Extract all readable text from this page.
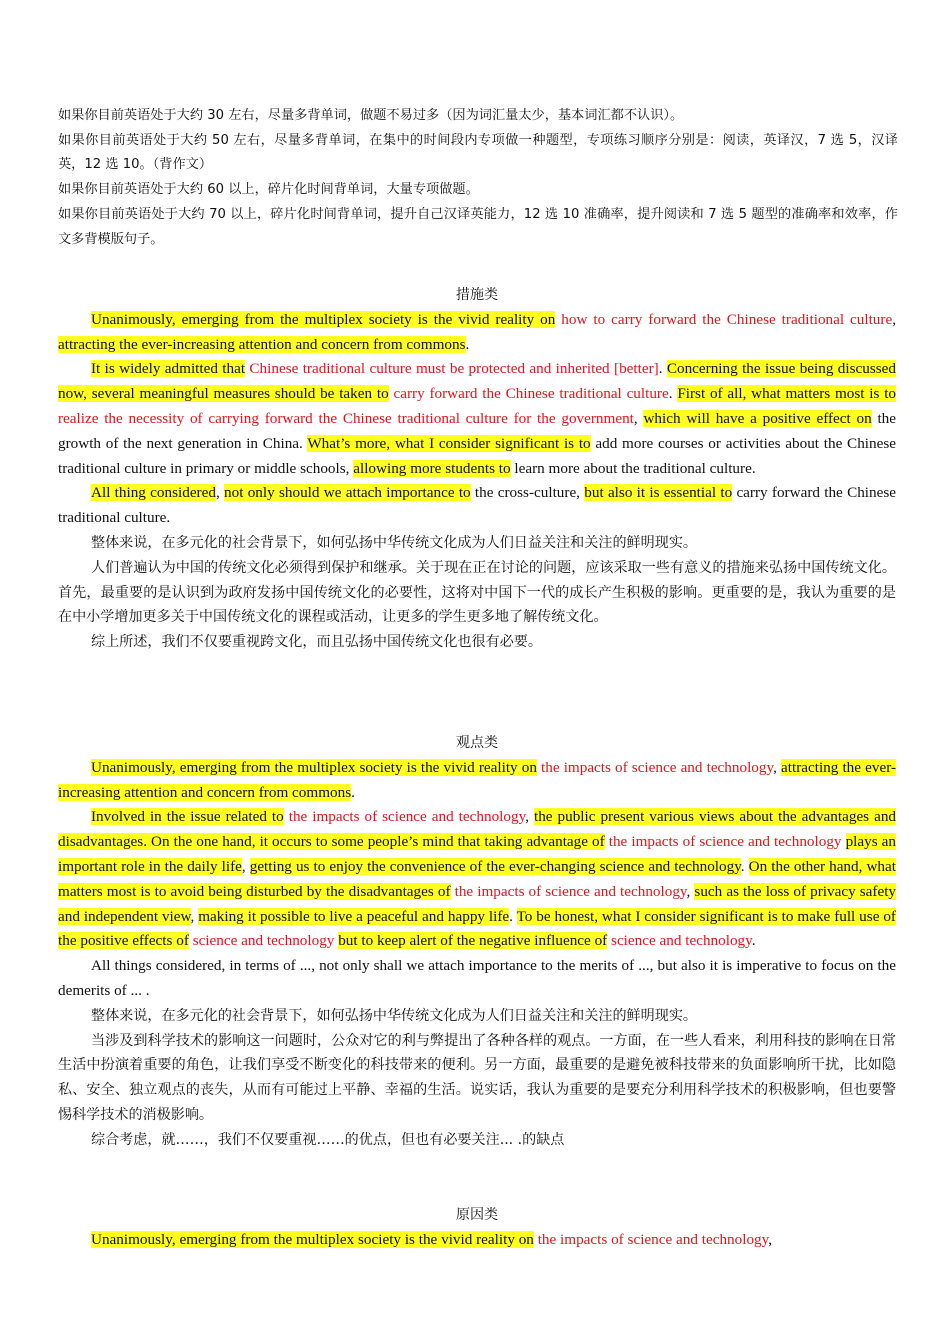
如果你目前英语处于大约 30 左右，尽量多背单词，做题不易过多（因为词汇量太少，基本词汇都不认识）。

如果你目前英语处于大约 50 左右，尽量多背单词，在集中的时间段内专项做一种题型，专项练习顺序分别是：阅读，英译汉，7 选 5，汉译英，12 选 10。（背作文）

如果你目前英语处于大约 60 以上，碎片化时间背单词，大量专项做题。

如果你目前英语处于大约 70 以上，碎片化时间背单词，提升自己汉译英能力，12 选 10 准确率，提升阅读和 7 选 5 题型的准确率和效率，作文多背模版句子。

措施类

Unanimously, emerging from the multiplex society is the vivid reality on how to carry forward the Chinese traditional culture, attracting the ever-increasing attention and concern from commons.

It is widely admitted that Chinese traditional culture must be protected and inherited [better]. Concerning the issue being discussed now, several meaningful measures should be taken to carry forward the Chinese traditional culture. First of all, what matters most is to realize the necessity of carrying forward the Chinese traditional culture for the government, which will have a positive effect on the growth of the next generation in China. What’s more, what I consider significant is to add more courses or activities about the Chinese traditional culture in primary or middle schools, allowing more students to learn more about the traditional culture.

All thing considered, not only should we attach importance to the cross-culture, but also it is essential to carry forward the Chinese traditional culture.

整体来说，在多元化的社会背景下，如何弘扬中华传统文化成为人们日益关注和关注的鲜明现实。

人们普遍认为中国的传统文化必须得到保护和继承。关于现在正在讨论的问题，应该采取一些有意义的措施来弘扬中国传统文化。首先，最重要的是认识到为政府发扬中国传统文化的必要性，这将对中国下一代的成长产生积极的影响。更重要的是，我认为重要的是在中小学增加更多关于中国传统文化的课程或活动，让更多的学生更多地了解传统文化。

综上所述，我们不仅要重视跨文化，而且弘扬中国传统文化也很有必要。

观点类

Unanimously, emerging from the multiplex society is the vivid reality on the impacts of science and technology, attracting the ever-increasing attention and concern from commons.

Involved in the issue related to the impacts of science and technology, the public present various views about the advantages and disadvantages. On the one hand, it occurs to some people’s mind that taking advantage of the impacts of science and technology plays an important role in the daily life, getting us to enjoy the convenience of the ever-changing science and technology. On the other hand, what matters most is to avoid being disturbed by the disadvantages of the impacts of science and technology, such as the loss of privacy safety and independent view, making it possible to live a peaceful and happy life. To be honest, what I consider significant is to make full use of the positive effects of science and technology but to keep alert of the negative influence of science and technology.

All things considered, in terms of ..., not only shall we attach importance to the merits of ..., but also it is imperative to focus on the demerits of ... .

整体来说，在多元化的社会背景下，如何弘扬中华传统文化成为人们日益关注和关注的鲜明现实。

当涉及到科学技术的影响这一问题时，公众对它的利与弊提出了各种各样的观点。一方面，在一些人看来，利用科技的影响在日常生活中扮演着重要的角色，让我们享受不断变化的科技带来的便利。另一方面，最重要的是避免被科技带来的负面影响所干扰，比如隐私、安全、独立观点的丧失，从而有可能过上平静、幸福的生活。说实话，我认为重要的是要充分利用科学技术的积极影响，但也要警惕科学技术的消极影响。

综合考虑，就……，我们不仅要重视……的优点，但也有必要关注... .的缺点

原因类

Unanimously, emerging from the multiplex society is the vivid reality on the impacts of science and technology,
